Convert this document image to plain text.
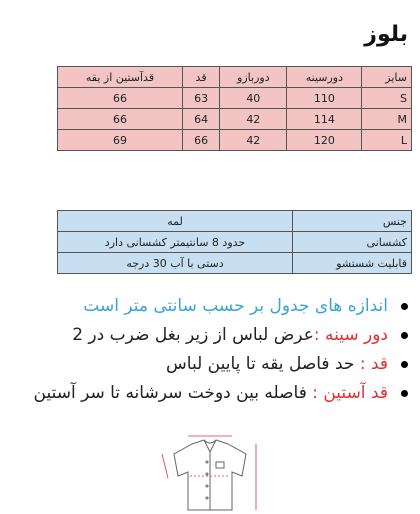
بلوز
سایز	دورسینه	دوربازو	قد	قدآستین از یقه
S	110	40	63	66
M	114	42	64	66
L	120	42	66	69
جنس	لمه
کشسانی	حدود 8 سانتیمتر کشسانی دارد
قابلیت شستشو	دستی با آب 30 درجه
اندازه های جدول بر حسب سانتی متر است
دور سینه :عرض لباس از زیر بغل ضرب در 2
قد : حد فاصل یقه تا پایین لباس
قد آستین : فاصله بین دوخت سرشانه تا سر آستین
